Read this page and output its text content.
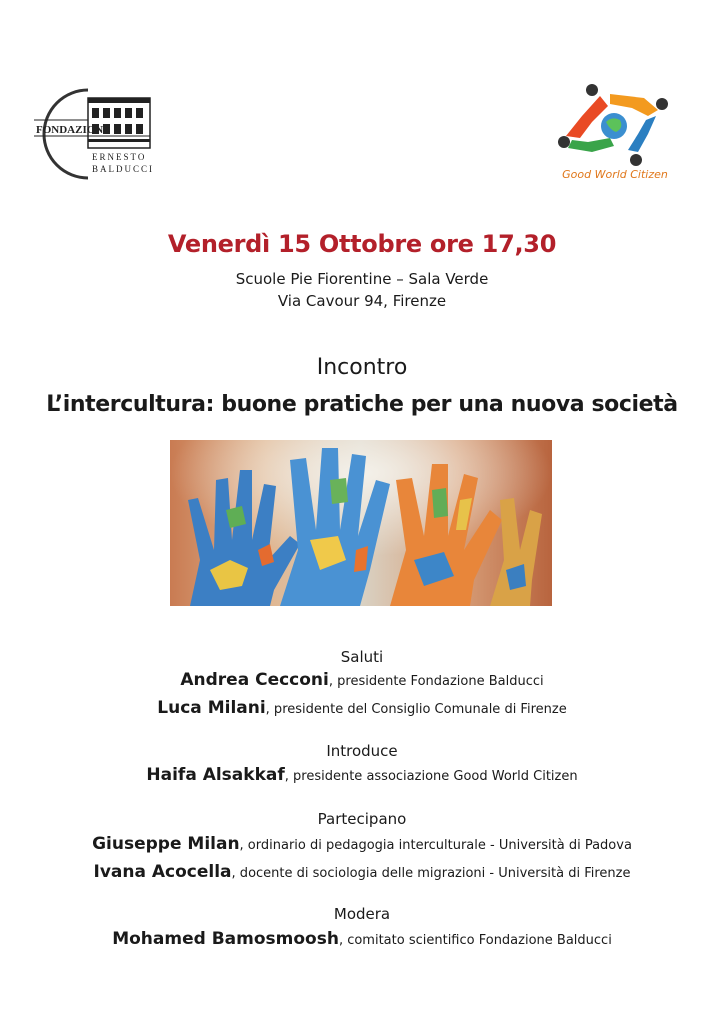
FONDAZIONE
ERNESTO
BALDUCCI	Good World Citizen
Venerdì 15 Ottobre ore 17,30
Scuole Pie Fiorentine – Sala Verde
Via Cavour 94, Firenze
Incontro
L’intercultura: buone pratiche per una nuova società
Saluti
Andrea Cecconi, presidente Fondazione Balducci
Luca Milani, presidente del Consiglio Comunale di Firenze
Introduce
Haifa Alsakkaf, presidente associazione Good World Citizen
Partecipano
Giuseppe Milan, ordinario di pedagogia interculturale - Università di Padova
Ivana Acocella, docente di sociologia delle migrazioni - Università di Firenze
Modera
Mohamed Bamosmoosh, comitato scientifico Fondazione Balducci
